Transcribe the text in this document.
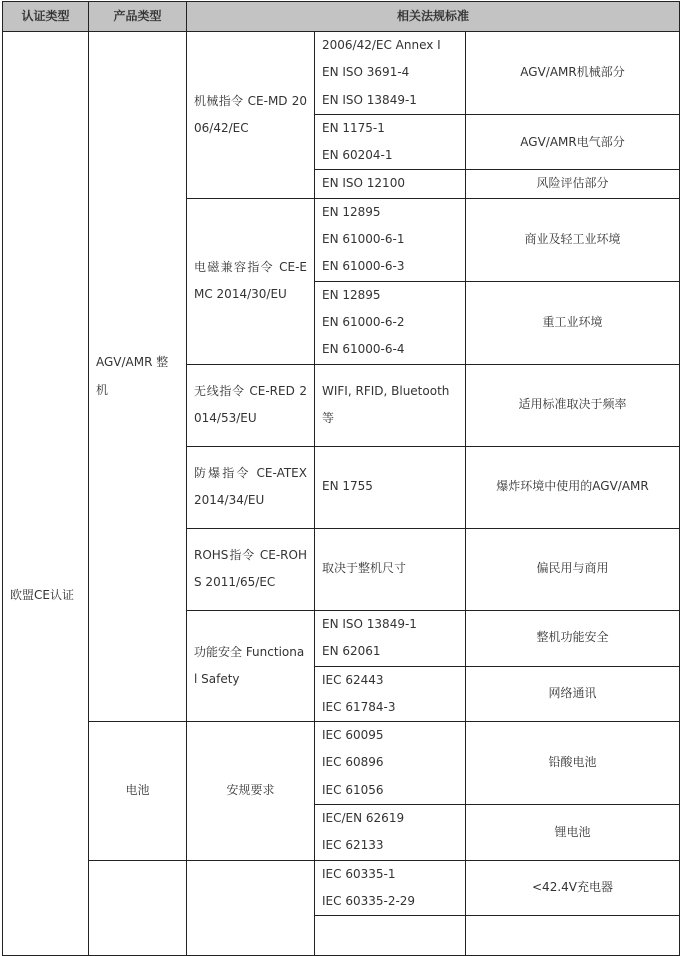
认证类型	产品类型	相关法规标准		
欧盟CE认证	AGV/AMR 整机	机械指令 CE-MD 2006/42/EC	2006/42/EC Annex I
EN ISO 3691-4
EN ISO 13849-1	AGV/AMR机械部分

			EN 1175-1
EN 60204-1	AGV/AMR电气部分
			EN ISO 12100	风险评估部分
		电磁兼容指令 CE-EMC 2014/30/EU	EN 12895
EN 61000-6-1
EN 61000-6-3	商业及轻工业环境

			EN 12895
EN 61000-6-2
EN 61000-6-4	重工业环境
		无线指令 CE-RED 2014/53/EU	WIFI, RFID, Bluetooth等	适用标准取决于频率
		防爆指令 CE-ATEX 2014/34/EU	EN 1755	爆炸环境中使用的AGV/AMR
		ROHS指令 CE-ROHS 2011/65/EC	取决于整机尺寸	偏民用与商用
		功能安全 Functional Safety	EN ISO 13849-1
EN 62061	整机功能安全

			IEC 62443
IEC 61784-3	网络通讯
	电池	安规要求	IEC 60095
IEC 60896
IEC 61056	铅酸电池

			IEC/EN 62619
IEC 62133	锂电池

			IEC 60335-1
IEC 60335-2-29	<42.4V充电器
